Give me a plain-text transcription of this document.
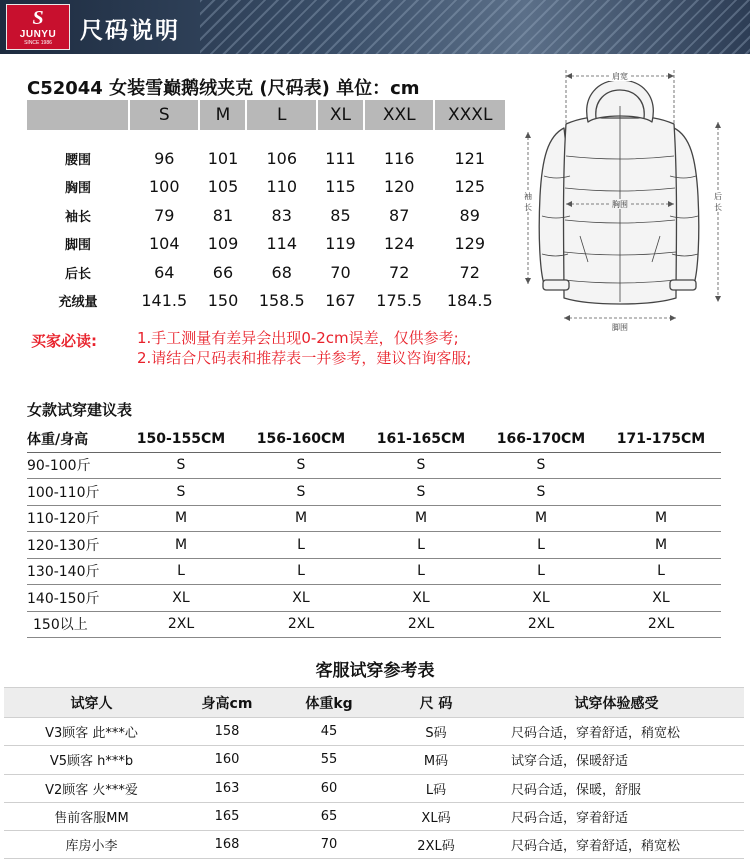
S
JUNYU
SINCE 1986	尺码说明
C52044 女装雪巅鹅绒夹克 (尺码表) 单位：cm
	S	M	L	XL	XXL	XXXL

腰围	96	101	106	111	116	121
胸围	100	105	110	115	120	125
袖长	79	81	83	85	87	89
脚围	104	109	114	119	124	129
后长	64	66	68	70	72	72
充绒量	141.5	150	158.5	167	175.5	184.5
买家必读:	1.手工测量有差异会出现0-2cm误差，仅供参考;
2.请结合尺码表和推荐表一并参考，建议咨询客服;
肩宽
胸围
脚围
袖
长
后
长
女款试穿建议表
体重/身高	150-155CM	156-160CM	161-165CM	166-170CM	171-175CM
90-100斤	S	S	S	S	
100-110斤	S	S	S	S	
110-120斤	M	M	M	M	M
120-130斤	M	L	L	L	M
130-140斤	L	L	L	L	L
140-150斤	XL	XL	XL	XL	XL
150以上	2XL	2XL	2XL	2XL	2XL
客服试穿参考表
试穿人	身高cm	体重kg	尺 码	试穿体验感受
V3顾客 此***心	158	45	S码	尺码合适，穿着舒适，稍宽松
V5顾客 h***b	160	55	M码	试穿合适，保暖舒适
V2顾客 火***爱	163	60	L码	尺码合适，保暖，舒服
售前客服MM	165	65	XL码	尺码合适，穿着舒适
库房小李	168	70	2XL码	尺码合适，穿着舒适，稍宽松
